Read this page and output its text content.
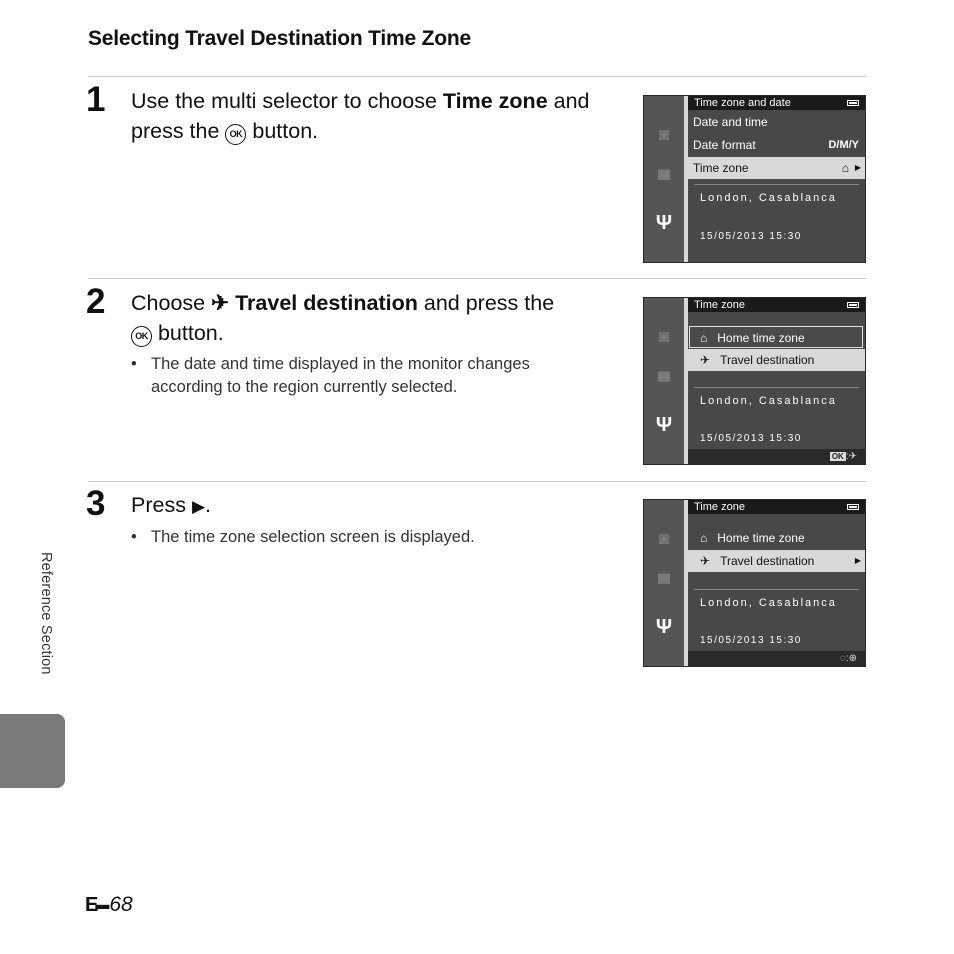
Selecting Travel Destination Time Zone
1 Use the multi selector to choose Time zone and press the OK button.	◙
▀
Ψ
Time zone and date
Date and time
Date format	D/M/Y
Time zone	⌂ ▶
London, Casablanca
15/05/2013 15:30
2 Choose ✈ Travel destination and press the
OK button.
• The date and time displayed in the monitor changes according to the region currently selected.
◙
▀
Ψ
Time zone
⌂ Home time zone
✈ Travel destination
London, Casablanca
15/05/2013 15:30
OK :✈
3 Press ▶.
• The time zone selection screen is displayed.	◙
▀
Ψ
Time zone
⌂ Home time zone
✈ Travel destination	▶
London, Casablanca
15/05/2013 15:30
◌:⊕
Reference Section
E▬68
